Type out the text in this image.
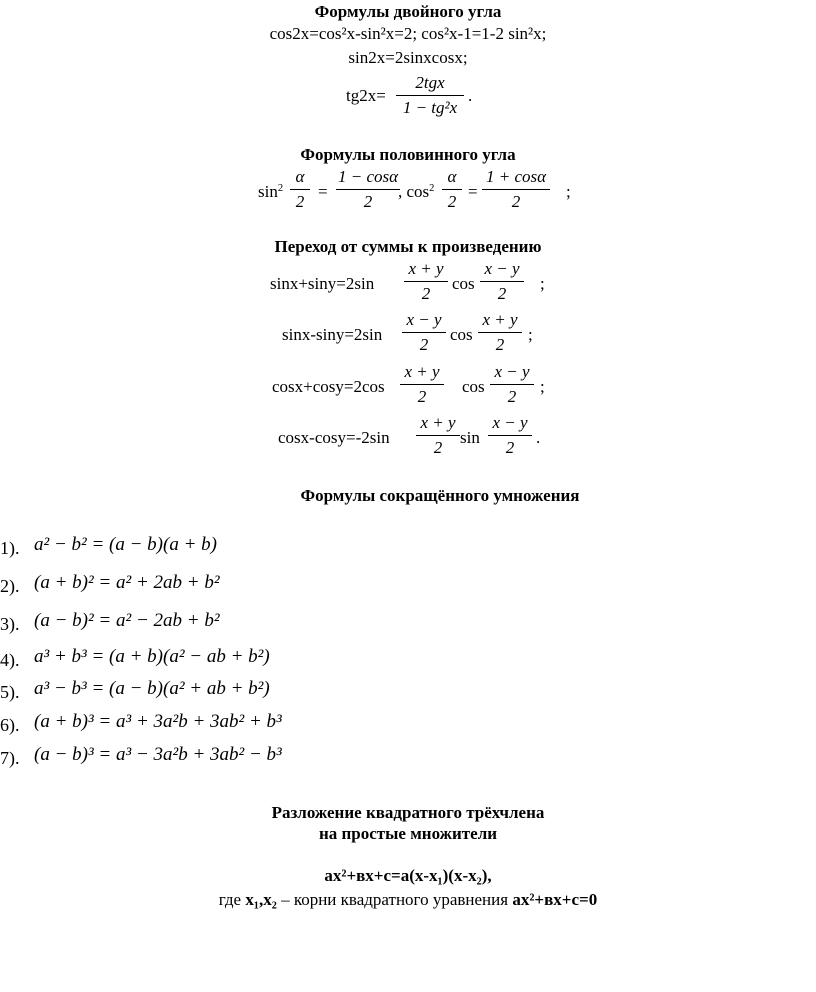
Формулы двойного угла
cos2x=cos²x-sin²x=2; cos²x-1=1-2 sin²x;
sin2x=2sinxcosx;
tg2x=
2tgx
1 − tg²x
.
Формулы половинного угла
$\sin^2$
α
2
=
1 − cosα
2
, $\cos^2$
α
2
=
1 + cosα
2
;
Переход от суммы к произведению
sinx+siny=2sin
x + y
2
cos
x − y
2
;
sinx-siny=2sin
x − y
2
cos
x + y
2
;
cosx+cosy=2cos
x + y
2
cos
x − y
2
;
cosx-cosy=-2sin
x + y
2
sin
x − y
2
.
Формулы сокращённого умножения
1). a² − b² = (a − b)(a + b)
2). (a + b)² = a² + 2ab + b²
3). (a − b)² = a² − 2ab + b²
4). a³ + b³ = (a + b)(a² − ab + b²)
5). a³ − b³ = (a − b)(a² + ab + b²)
6). (a + b)³ = a³ + 3a²b + 3ab² + b³
7). (a − b)³ = a³ − 3a²b + 3ab² − b³
Разложение квадратного трёхчлена
на простые множители
ax²+вx+c=a(x-x₁)(x-x₂),
где x₁,x₂ – корни квадратного уравнения ax²+вx+c=0
